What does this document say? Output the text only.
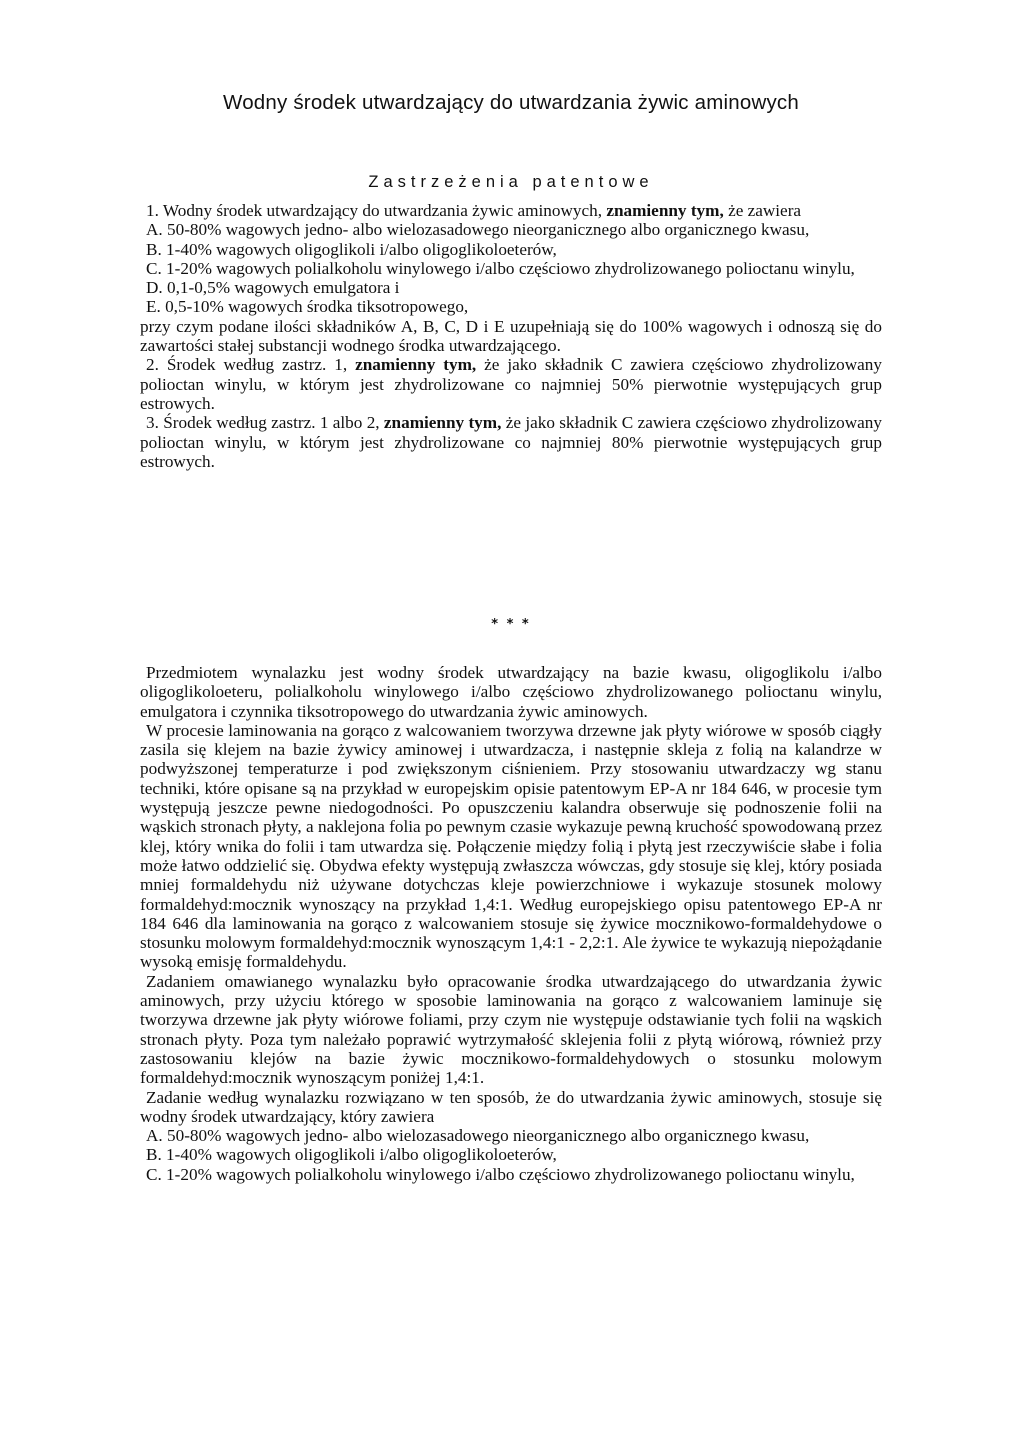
Wodny środek utwardzający do utwardzania żywic aminowych
Zastrzeżenia patentowe

1. Wodny środek utwardzający do utwardzania żywic aminowych, znamienny tym, że zawiera

A. 50-80% wagowych jedno- albo wielozasadowego nieorganicznego albo organicznego kwasu,

B. 1-40% wagowych oligoglikoli i/albo oligoglikoloeterów,

C. 1-20% wagowych polialkoholu winylowego i/albo częściowo zhydrolizowanego polioctanu winylu,

D. 0,1-0,5% wagowych emulgatora i

E. 0,5-10% wagowych środka tiksotropowego,

przy czym podane ilości składników A, B, C, D i E uzupełniają się do 100% wagowych i odnoszą się do zawartości stałej substancji wodnego środka utwardzającego.

2. Środek według zastrz. 1, znamienny tym, że jako składnik C zawiera częściowo zhydrolizowany polioctan winylu, w którym jest zhydrolizowane co najmniej 50% pierwotnie występujących grup estrowych.

3. Środek według zastrz. 1 albo 2, znamienny tym, że jako składnik C zawiera częściowo zhydrolizowany polioctan winylu, w którym jest zhydrolizowane co najmniej 80% pierwotnie występujących grup estrowych.

* * *

Przedmiotem wynalazku jest wodny środek utwardzający na bazie kwasu, oligoglikolu i/albo oligoglikoloeteru, polialkoholu winylowego i/albo częściowo zhydrolizowanego polioctanu winylu, emulgatora i czynnika tiksotropowego do utwardzania żywic aminowych.

W procesie laminowania na gorąco z walcowaniem tworzywa drzewne jak płyty wiórowe w sposób ciągły zasila się klejem na bazie żywicy aminowej i utwardzacza, i następnie skleja z folią na kalandrze w podwyższonej temperaturze i pod zwiększonym ciśnieniem. Przy stosowaniu utwardzaczy wg stanu techniki, które opisane są na przykład w europejskim opisie patentowym EP-A nr 184 646, w procesie tym występują jeszcze pewne niedogodności. Po opuszczeniu kalandra obserwuje się podnoszenie folii na wąskich stronach płyty, a naklejona folia po pewnym czasie wykazuje pewną kruchość spowodowaną przez klej, który wnika do folii i tam utwardza się. Połączenie między folią i płytą jest rzeczywiście słabe i folia może łatwo oddzielić się. Obydwa efekty występują zwłaszcza wówczas, gdy stosuje się klej, który posiada mniej formaldehydu niż używane dotychczas kleje powierzchniowe i wykazuje stosunek molowy formaldehyd:mocznik wynoszący na przykład 1,4:1. Według europejskiego opisu patentowego EP-A nr 184 646 dla laminowania na gorąco z walcowaniem stosuje się żywice mocznikowo-formaldehydowe o stosunku molowym formaldehyd:mocznik wynoszącym 1,4:1 - 2,2:1. Ale żywice te wykazują niepożądanie wysoką emisję formaldehydu.

Zadaniem omawianego wynalazku było opracowanie środka utwardzającego do utwardzania żywic aminowych, przy użyciu którego w sposobie laminowania na gorąco z walcowaniem laminuje się tworzywa drzewne jak płyty wiórowe foliami, przy czym nie występuje odstawianie tych folii na wąskich stronach płyty. Poza tym należało poprawić wytrzymałość sklejenia folii z płytą wiórową, również przy zastosowaniu klejów na bazie żywic mocznikowo-formaldehydowych o stosunku molowym formaldehyd:mocznik wynoszącym poniżej 1,4:1.

Zadanie według wynalazku rozwiązano w ten sposób, że do utwardzania żywic aminowych, stosuje się wodny środek utwardzający, który zawiera

A. 50-80% wagowych jedno- albo wielozasadowego nieorganicznego albo organicznego kwasu,

B. 1-40% wagowych oligoglikoli i/albo oligoglikoloeterów,

C. 1-20% wagowych polialkoholu winylowego i/albo częściowo zhydrolizowanego polioctanu winylu,
